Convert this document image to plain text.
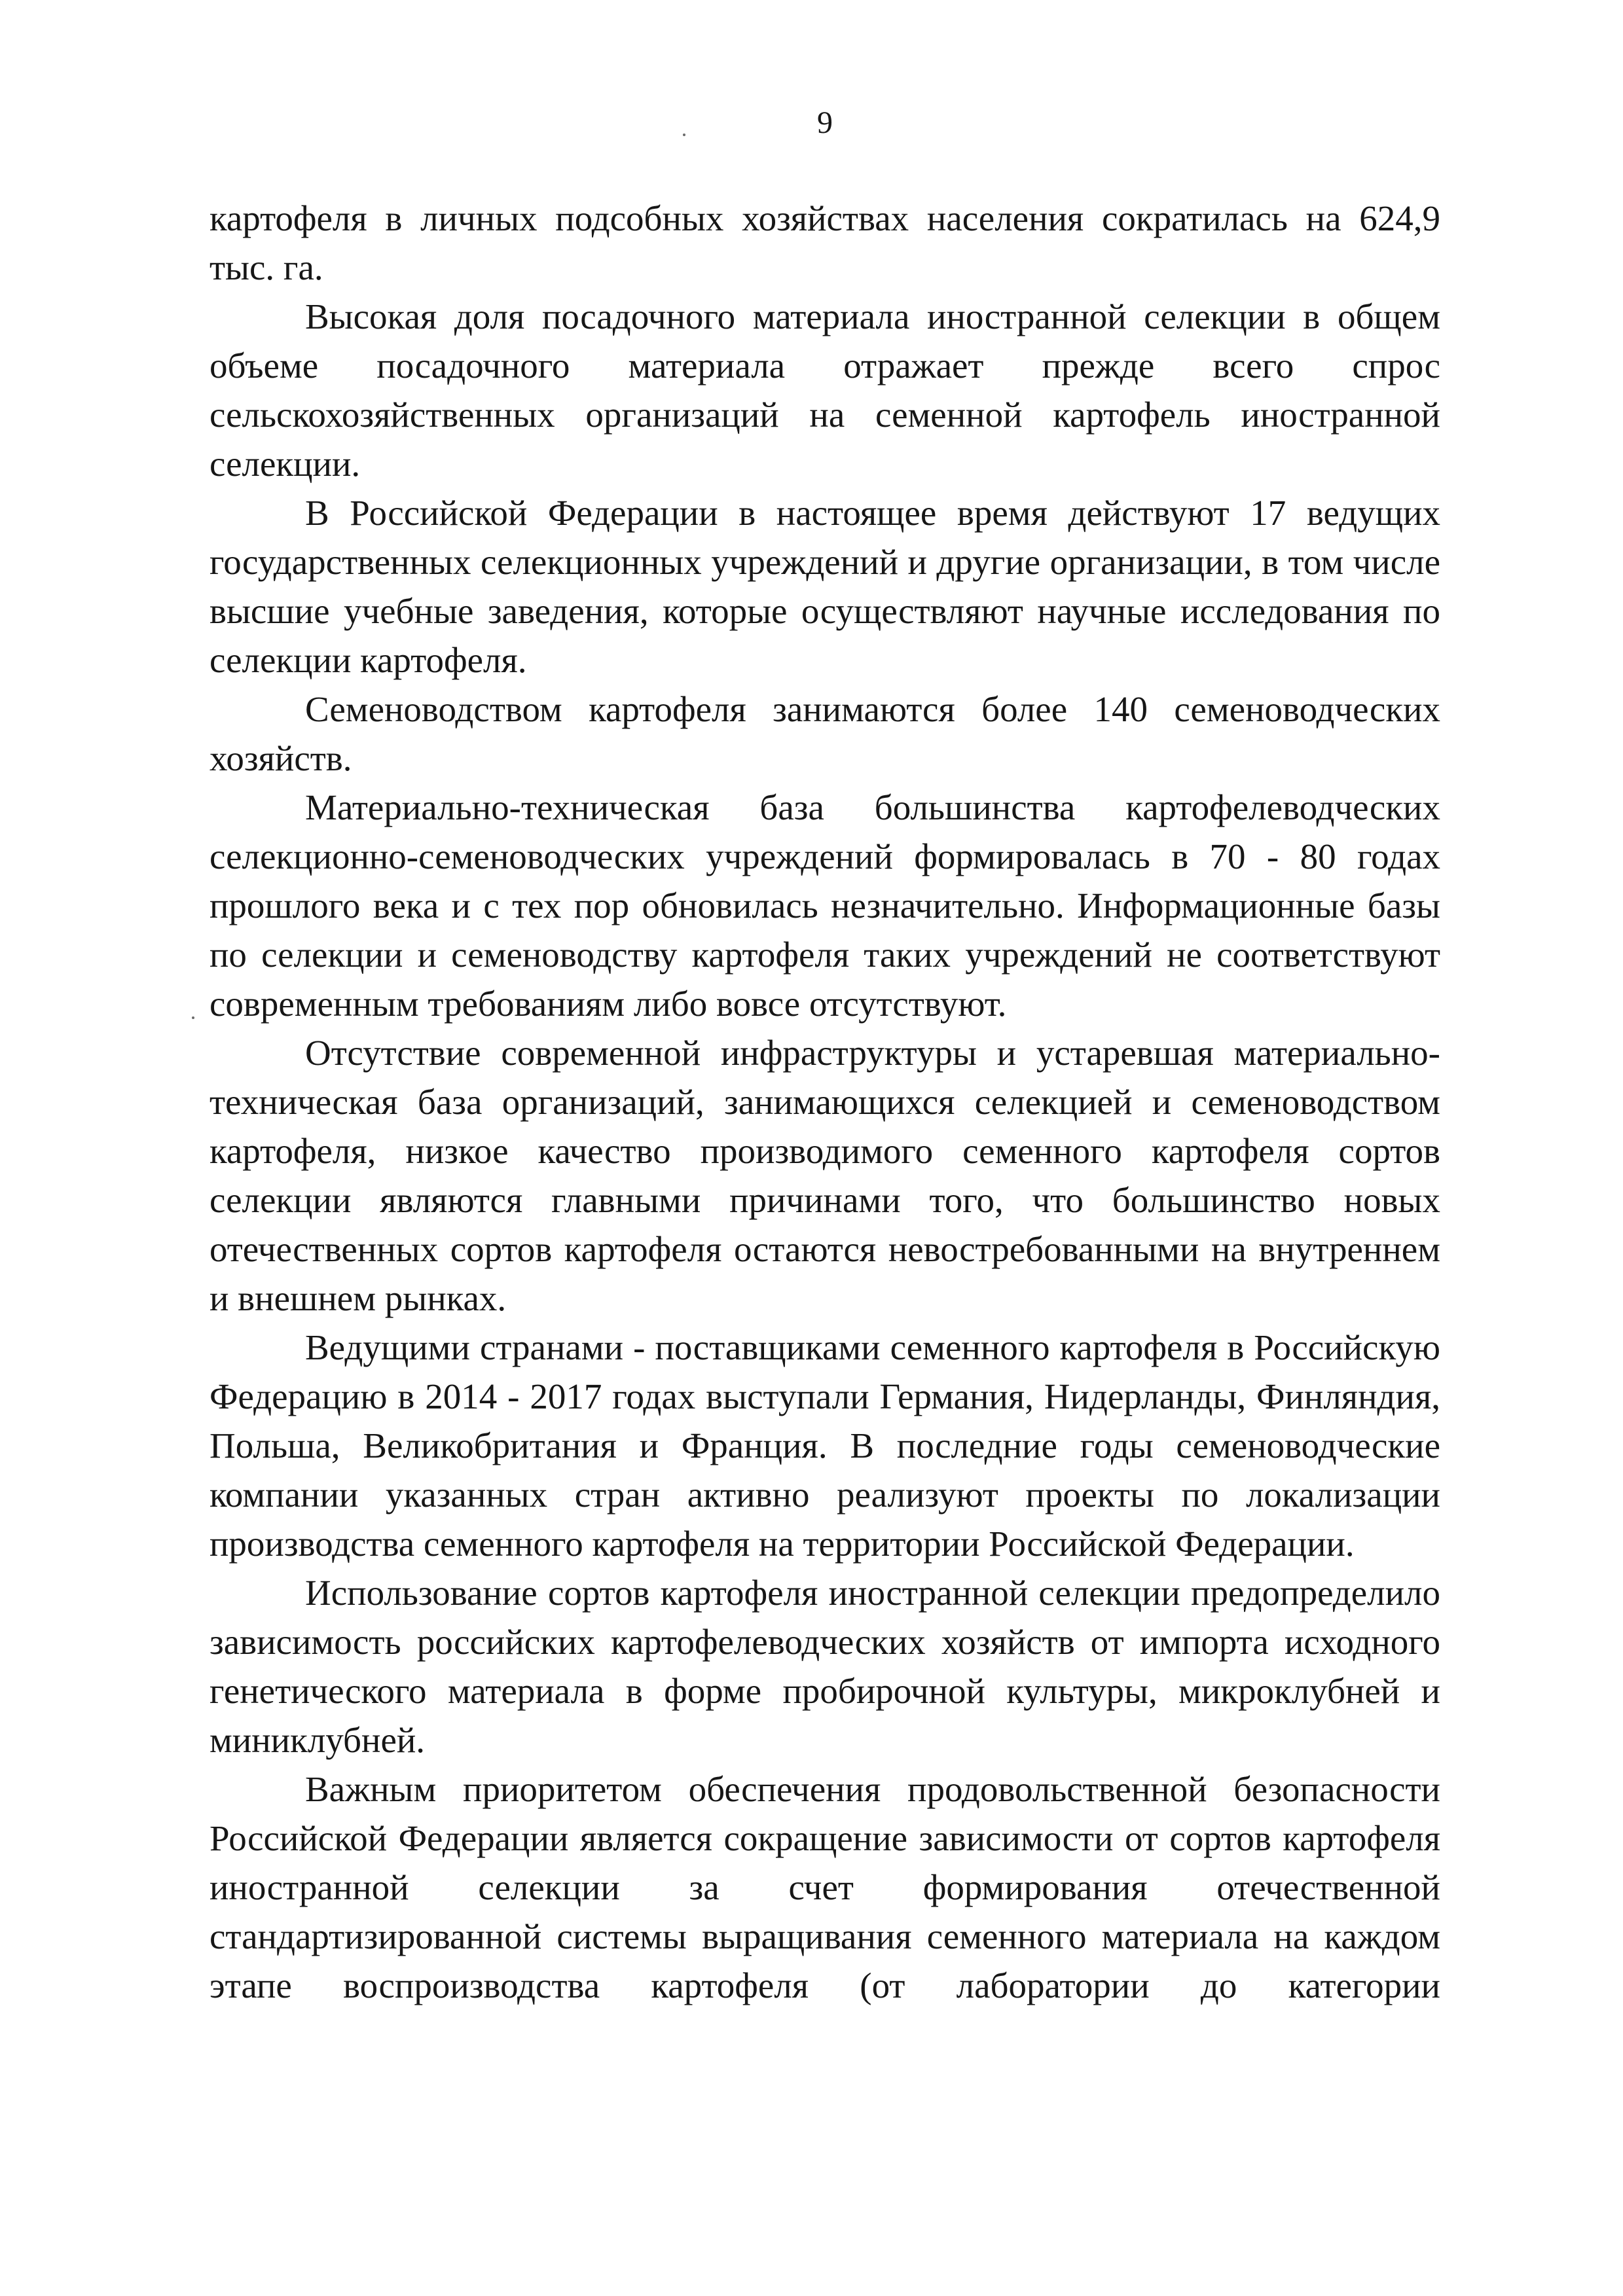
9

картофеля в личных подсобных хозяйствах населения сократилась на 624,9 тыс. га.

Высокая доля посадочного материала иностранной селекции в общем объеме посадочного материала отражает прежде всего спрос сельскохозяйственных организаций на семенной картофель иностранной селекции.

В Российской Федерации в настоящее время действуют 17 ведущих государственных селекционных учреждений и другие организации, в том числе высшие учебные заведения, которые осуществляют научные исследования по селекции картофеля.

Семеноводством картофеля занимаются более 140 семеноводческих хозяйств.

Материально-техническая база большинства картофелеводческих селекционно-семеноводческих учреждений формировалась в 70 - 80 годах прошлого века и с тех пор обновилась незначительно. Информационные базы по селекции и семеноводству картофеля таких учреждений не соответствуют современным требованиям либо вовсе отсутствуют.

Отсутствие современной инфраструктуры и устаревшая материально-техническая база организаций, занимающихся селекцией и семеноводством картофеля, низкое качество производимого семенного картофеля сортов селекции являются главными причинами того, что большинство новых отечественных сортов картофеля остаются невостребованными на внутреннем и внешнем рынках.

Ведущими странами - поставщиками семенного картофеля в Российскую Федерацию в 2014 - 2017 годах выступали Германия, Нидерланды, Финляндия, Польша, Великобритания и Франция. В последние годы семеноводческие компании указанных стран активно реализуют проекты по локализации производства семенного картофеля на территории Российской Федерации.

Использование сортов картофеля иностранной селекции предопределило зависимость российских картофелеводческих хозяйств от импорта исходного генетического материала в форме пробирочной культуры, микроклубней и миниклубней.

Важным приоритетом обеспечения продовольственной безопасности Российской Федерации является сокращение зависимости от сортов картофеля иностранной селекции за счет формирования отечественной стандартизированной системы выращивания семенного материала на каждом этапе воспроизводства картофеля (от лаборатории до категории
